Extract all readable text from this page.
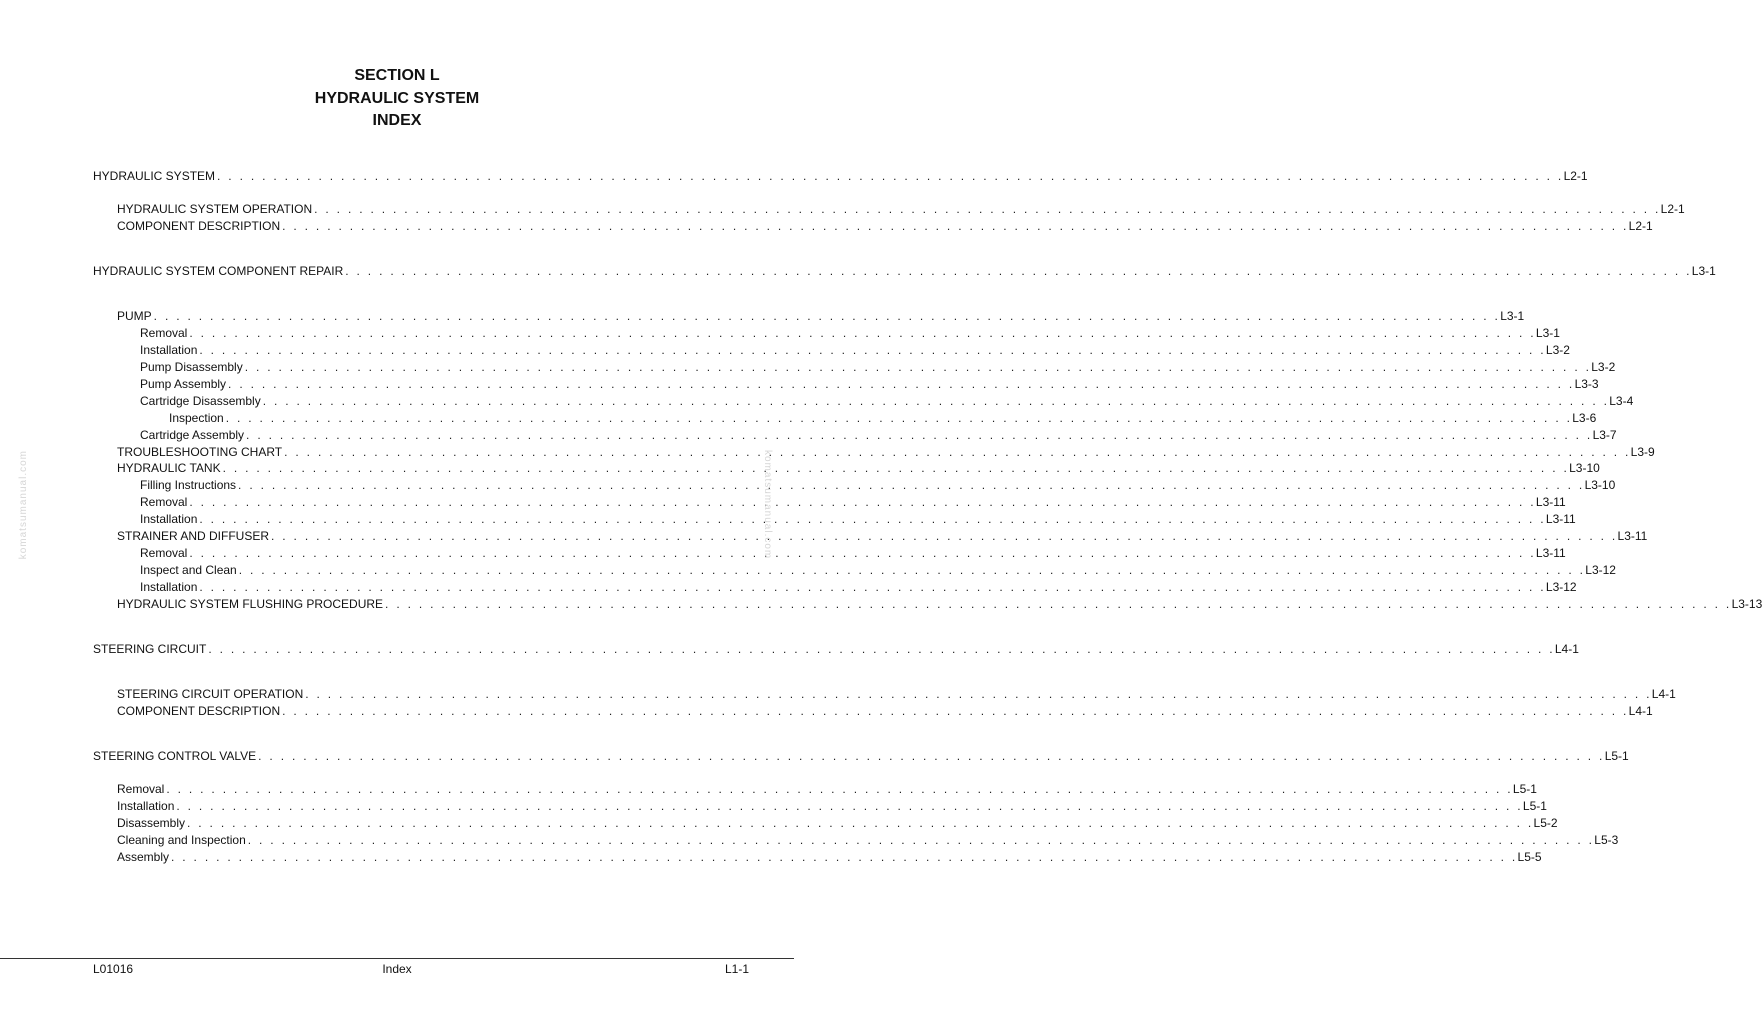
SECTION L
HYDRAULIC SYSTEM
INDEX
HYDRAULIC SYSTEM . . . . . . . . . . . . . . . . . . . . . . . . . . . . . . . . . . . . . . . . . . . . . . . . . . . . . . . . . . . . . . . . . . . . . . . . . . . . . . . . . . . . . . . . . . . . . . . . . . . . . . . . . . . . . . . . . . . . . . . . L2-1
HYDRAULIC SYSTEM OPERATION . . . . . . . . . . . . . . . . . . . . . . . . . . . . . . . . . . . . . . . . . . . . . . . . . . . . . . . . . . . . . . . . . . . . . . . . . . . . . . . . . . . . . . . . . . . . . . . . . . . . . . . . . . . . . . . . . . . . . . . . L2-1
COMPONENT DESCRIPTION . . . . . . . . . . . . . . . . . . . . . . . . . . . . . . . . . . . . . . . . . . . . . . . . . . . . . . . . . . . . . . . . . . . . . . . . . . . . . . . . . . . . . . . . . . . . . . . . . . . . . . . . . . . . . . . . . . . . . . . . L2-1
HYDRAULIC SYSTEM COMPONENT REPAIR . . . . . . . . . . . . . . . . . . . . . . . . . . . . . . . . . . . . . . . . . . . . . . . . . . . . . . . . . . . . . . . . . . . . . . . . . . . . . . . . . . . . . . . . . . . . . . . . . . . . . . . . . . . . . . . . . . . . . . . . L3-1
PUMP . . . . . . . . . . . . . . . . . . . . . . . . . . . . . . . . . . . . . . . . . . . . . . . . . . . . . . . . . . . . . . . . . . . . . . . . . . . . . . . . . . . . . . . . . . . . . . . . . . . . . . . . . . . . . . . . . . . . . . . . L3-1
Removal . . . . . . . . . . . . . . . . . . . . . . . . . . . . . . . . . . . . . . . . . . . . . . . . . . . . . . . . . . . . . . . . . . . . . . . . . . . . . . . . . . . . . . . . . . . . . . . . . . . . . . . . . . . . . . . . . . . . . . . . L3-1
Installation . . . . . . . . . . . . . . . . . . . . . . . . . . . . . . . . . . . . . . . . . . . . . . . . . . . . . . . . . . . . . . . . . . . . . . . . . . . . . . . . . . . . . . . . . . . . . . . . . . . . . . . . . . . . . . . . . . . . . . . . L3-2
Pump Disassembly . . . . . . . . . . . . . . . . . . . . . . . . . . . . . . . . . . . . . . . . . . . . . . . . . . . . . . . . . . . . . . . . . . . . . . . . . . . . . . . . . . . . . . . . . . . . . . . . . . . . . . . . . . . . . . . . . . . . . . . . L3-2
Pump Assembly . . . . . . . . . . . . . . . . . . . . . . . . . . . . . . . . . . . . . . . . . . . . . . . . . . . . . . . . . . . . . . . . . . . . . . . . . . . . . . . . . . . . . . . . . . . . . . . . . . . . . . . . . . . . . . . . . . . . . . . . L3-3
Cartridge Disassembly . . . . . . . . . . . . . . . . . . . . . . . . . . . . . . . . . . . . . . . . . . . . . . . . . . . . . . . . . . . . . . . . . . . . . . . . . . . . . . . . . . . . . . . . . . . . . . . . . . . . . . . . . . . . . . . . . . . . . . . . L3-4
Inspection . . . . . . . . . . . . . . . . . . . . . . . . . . . . . . . . . . . . . . . . . . . . . . . . . . . . . . . . . . . . . . . . . . . . . . . . . . . . . . . . . . . . . . . . . . . . . . . . . . . . . . . . . . . . . . . . . . . . . . . . L3-6
Cartridge Assembly . . . . . . . . . . . . . . . . . . . . . . . . . . . . . . . . . . . . . . . . . . . . . . . . . . . . . . . . . . . . . . . . . . . . . . . . . . . . . . . . . . . . . . . . . . . . . . . . . . . . . . . . . . . . . . . . . . . . . . . . L3-7
TROUBLESHOOTING CHART . . . . . . . . . . . . . . . . . . . . . . . . . . . . . . . . . . . . . . . . . . . . . . . . . . . . . . . . . . . . . . . . . . . . . . . . . . . . . . . . . . . . . . . . . . . . . . . . . . . . . . . . . . . . . . . . . . . . . . . . L3-9
HYDRAULIC TANK . . . . . . . . . . . . . . . . . . . . . . . . . . . . . . . . . . . . . . . . . . . . . . . . . . . . . . . . . . . . . . . . . . . . . . . . . . . . . . . . . . . . . . . . . . . . . . . . . . . . . . . . . . . . . . . . . . . . . . . . L3-10
Filling Instructions . . . . . . . . . . . . . . . . . . . . . . . . . . . . . . . . . . . . . . . . . . . . . . . . . . . . . . . . . . . . . . . . . . . . . . . . . . . . . . . . . . . . . . . . . . . . . . . . . . . . . . . . . . . . . . . . . . . . . . . . L3-10
Removal . . . . . . . . . . . . . . . . . . . . . . . . . . . . . . . . . . . . . . . . . . . . . . . . . . . . . . . . . . . . . . . . . . . . . . . . . . . . . . . . . . . . . . . . . . . . . . . . . . . . . . . . . . . . . . . . . . . . . . . . L3-11
Installation . . . . . . . . . . . . . . . . . . . . . . . . . . . . . . . . . . . . . . . . . . . . . . . . . . . . . . . . . . . . . . . . . . . . . . . . . . . . . . . . . . . . . . . . . . . . . . . . . . . . . . . . . . . . . . . . . . . . . . . . L3-11
STRAINER AND DIFFUSER . . . . . . . . . . . . . . . . . . . . . . . . . . . . . . . . . . . . . . . . . . . . . . . . . . . . . . . . . . . . . . . . . . . . . . . . . . . . . . . . . . . . . . . . . . . . . . . . . . . . . . . . . . . . . . . . . . . . . . . . L3-11
Removal . . . . . . . . . . . . . . . . . . . . . . . . . . . . . . . . . . . . . . . . . . . . . . . . . . . . . . . . . . . . . . . . . . . . . . . . . . . . . . . . . . . . . . . . . . . . . . . . . . . . . . . . . . . . . . . . . . . . . . . . L3-11
Inspect and Clean . . . . . . . . . . . . . . . . . . . . . . . . . . . . . . . . . . . . . . . . . . . . . . . . . . . . . . . . . . . . . . . . . . . . . . . . . . . . . . . . . . . . . . . . . . . . . . . . . . . . . . . . . . . . . . . . . . . . . . . . L3-12
Installation . . . . . . . . . . . . . . . . . . . . . . . . . . . . . . . . . . . . . . . . . . . . . . . . . . . . . . . . . . . . . . . . . . . . . . . . . . . . . . . . . . . . . . . . . . . . . . . . . . . . . . . . . . . . . . . . . . . . . . . . L3-12
HYDRAULIC SYSTEM FLUSHING PROCEDURE . . . . . . . . . . . . . . . . . . . . . . . . . . . . . . . . . . . . . . . . . . . . . . . . . . . . . . . . . . . . . . . . . . . . . . . . . . . . . . . . . . . . . . . . . . . . . . . . . . . . . . . . . . . . . . . . . . . . . . . . L3-13
STEERING CIRCUIT . . . . . . . . . . . . . . . . . . . . . . . . . . . . . . . . . . . . . . . . . . . . . . . . . . . . . . . . . . . . . . . . . . . . . . . . . . . . . . . . . . . . . . . . . . . . . . . . . . . . . . . . . . . . . . . . . . . . . . . . L4-1
STEERING CIRCUIT OPERATION . . . . . . . . . . . . . . . . . . . . . . . . . . . . . . . . . . . . . . . . . . . . . . . . . . . . . . . . . . . . . . . . . . . . . . . . . . . . . . . . . . . . . . . . . . . . . . . . . . . . . . . . . . . . . . . . . . . . . . . . L4-1
COMPONENT DESCRIPTION . . . . . . . . . . . . . . . . . . . . . . . . . . . . . . . . . . . . . . . . . . . . . . . . . . . . . . . . . . . . . . . . . . . . . . . . . . . . . . . . . . . . . . . . . . . . . . . . . . . . . . . . . . . . . . . . . . . . . . . . L4-1
STEERING CONTROL VALVE . . . . . . . . . . . . . . . . . . . . . . . . . . . . . . . . . . . . . . . . . . . . . . . . . . . . . . . . . . . . . . . . . . . . . . . . . . . . . . . . . . . . . . . . . . . . . . . . . . . . . . . . . . . . . . . . . . . . . . . . L5-1
Removal . . . . . . . . . . . . . . . . . . . . . . . . . . . . . . . . . . . . . . . . . . . . . . . . . . . . . . . . . . . . . . . . . . . . . . . . . . . . . . . . . . . . . . . . . . . . . . . . . . . . . . . . . . . . . . . . . . . . . . . . L5-1
Installation . . . . . . . . . . . . . . . . . . . . . . . . . . . . . . . . . . . . . . . . . . . . . . . . . . . . . . . . . . . . . . . . . . . . . . . . . . . . . . . . . . . . . . . . . . . . . . . . . . . . . . . . . . . . . . . . . . . . . . . . L5-1
Disassembly . . . . . . . . . . . . . . . . . . . . . . . . . . . . . . . . . . . . . . . . . . . . . . . . . . . . . . . . . . . . . . . . . . . . . . . . . . . . . . . . . . . . . . . . . . . . . . . . . . . . . . . . . . . . . . . . . . . . . . . . L5-2
Cleaning and Inspection . . . . . . . . . . . . . . . . . . . . . . . . . . . . . . . . . . . . . . . . . . . . . . . . . . . . . . . . . . . . . . . . . . . . . . . . . . . . . . . . . . . . . . . . . . . . . . . . . . . . . . . . . . . . . . . . . . . . . . . . L5-3
Assembly . . . . . . . . . . . . . . . . . . . . . . . . . . . . . . . . . . . . . . . . . . . . . . . . . . . . . . . . . . . . . . . . . . . . . . . . . . . . . . . . . . . . . . . . . . . . . . . . . . . . . . . . . . . . . . . . . . . . . . . . L5-5
komatsumanual.com	komatsumanual.com
L01016	Index	L1-1
